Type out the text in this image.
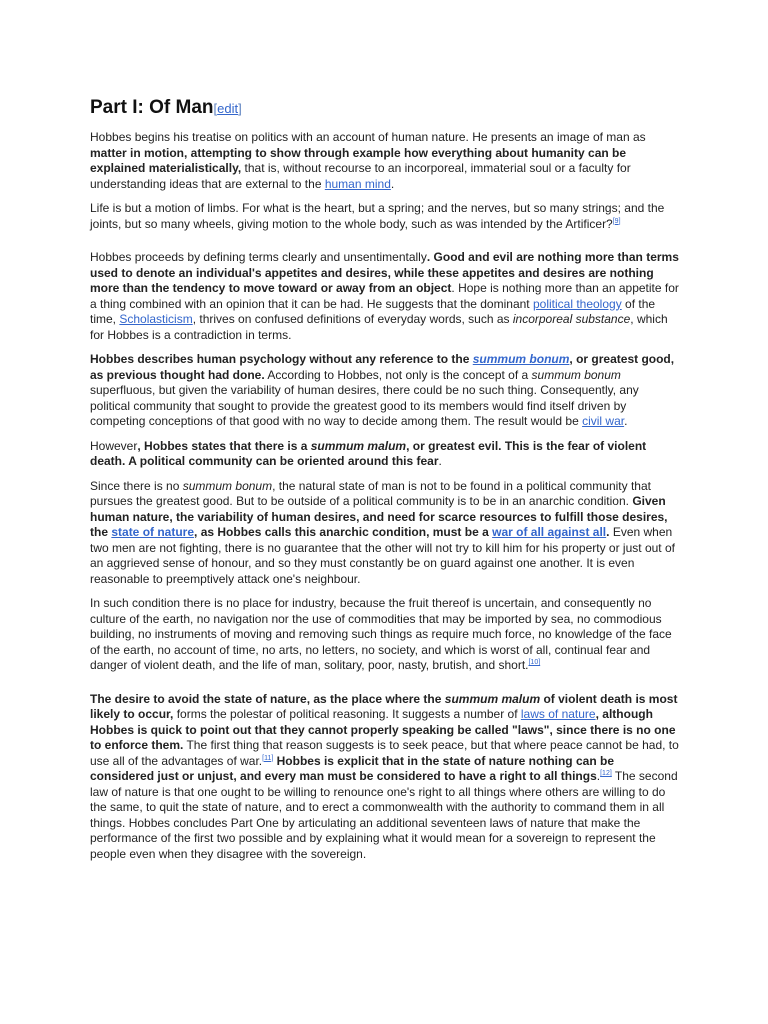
Part I: Of Man[edit]

Hobbes begins his treatise on politics with an account of human nature. He presents an image of man as matter in motion, attempting to show through example how everything about humanity can be explained materialistically, that is, without recourse to an incorporeal, immaterial soul or a faculty for understanding ideas that are external to the human mind.

Life is but a motion of limbs. For what is the heart, but a spring; and the nerves, but so many strings; and the joints, but so many wheels, giving motion to the whole body, such as was intended by the Artificer?[9]

Hobbes proceeds by defining terms clearly and unsentimentally. Good and evil are nothing more than terms used to denote an individual's appetites and desires, while these appetites and desires are nothing more than the tendency to move toward or away from an object. Hope is nothing more than an appetite for a thing combined with an opinion that it can be had. He suggests that the dominant political theology of the time, Scholasticism, thrives on confused definitions of everyday words, such as incorporeal substance, which for Hobbes is a contradiction in terms.

Hobbes describes human psychology without any reference to the summum bonum, or greatest good, as previous thought had done. According to Hobbes, not only is the concept of a summum bonum superfluous, but given the variability of human desires, there could be no such thing. Consequently, any political community that sought to provide the greatest good to its members would find itself driven by competing conceptions of that good with no way to decide among them. The result would be civil war.

However, Hobbes states that there is a summum malum, or greatest evil. This is the fear of violent death. A political community can be oriented around this fear.

Since there is no summum bonum, the natural state of man is not to be found in a political community that pursues the greatest good. But to be outside of a political community is to be in an anarchic condition. Given human nature, the variability of human desires, and need for scarce resources to fulfill those desires, the state of nature, as Hobbes calls this anarchic condition, must be a war of all against all. Even when two men are not fighting, there is no guarantee that the other will not try to kill him for his property or just out of an aggrieved sense of honour, and so they must constantly be on guard against one another. It is even reasonable to preemptively attack one's neighbour.

In such condition there is no place for industry, because the fruit thereof is uncertain, and consequently no culture of the earth, no navigation nor the use of commodities that may be imported by sea, no commodious building, no instruments of moving and removing such things as require much force, no knowledge of the face of the earth, no account of time, no arts, no letters, no society, and which is worst of all, continual fear and danger of violent death, and the life of man, solitary, poor, nasty, brutish, and short.[10]

The desire to avoid the state of nature, as the place where the summum malum of violent death is most likely to occur, forms the polestar of political reasoning. It suggests a number of laws of nature, although Hobbes is quick to point out that they cannot properly speaking be called "laws", since there is no one to enforce them. The first thing that reason suggests is to seek peace, but that where peace cannot be had, to use all of the advantages of war.[11] Hobbes is explicit that in the state of nature nothing can be considered just or unjust, and every man must be considered to have a right to all things.[12] The second law of nature is that one ought to be willing to renounce one's right to all things where others are willing to do the same, to quit the state of nature, and to erect a commonwealth with the authority to command them in all things. Hobbes concludes Part One by articulating an additional seventeen laws of nature that make the performance of the first two possible and by explaining what it would mean for a sovereign to represent the people even when they disagree with the sovereign.
